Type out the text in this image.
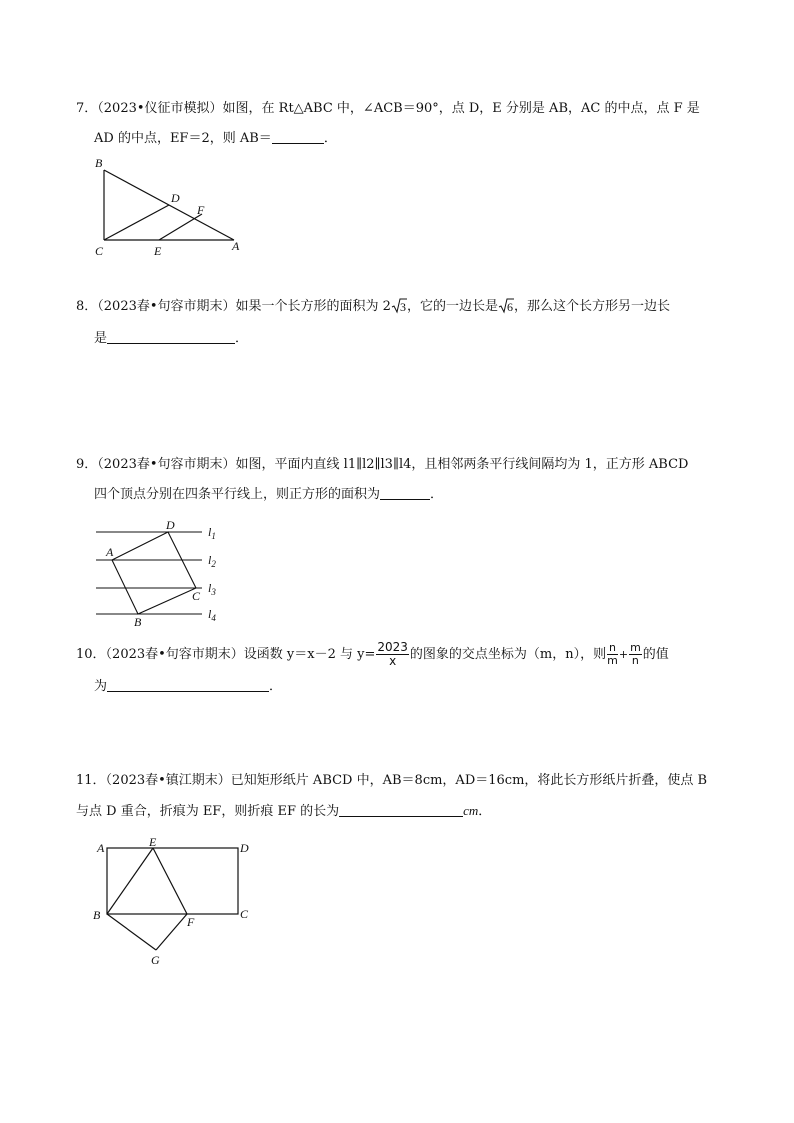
7．（2023•仪征市模拟）如图，在 Rt△ABC 中，∠ACB＝90°，点 D，E 分别是 AB，AC 的中点，点 F 是
AD 的中点，EF＝2，则 AB＝	．
B
D
F
C	E	A
8．（2023春•句容市期末）如果一个长方形的面积为 2 3 ，它的一边长是 6 ，那么这个长方形另一边长
是	．
9．（2023春•句容市期末）如图，平面内直线 l1∥l2∥l3∥l4，且相邻两条平行线间隔均为 1，正方形 ABCD
四个顶点分别在四条平行线上，则正方形的面积为	．
D
A
C
B
$l_1$
$l_2$
$l_3$
$l_4$
10．（2023春•句容市期末）设函数 y＝x－2 与 $y= \frac{2023}{x}$ 的图象的交点坐标为（m，n），则 $\frac{n}{m} + \frac{m}{n}$ 的值
为	．
11．（2023春•镇江期末）已知矩形纸片 ABCD 中，AB＝8cm，AD＝16cm，将此长方形纸片折叠，使点 B
与点 D 重合，折痕为 EF，则折痕 EF 的长为	cm．
A	E	D
B	F
C
G
